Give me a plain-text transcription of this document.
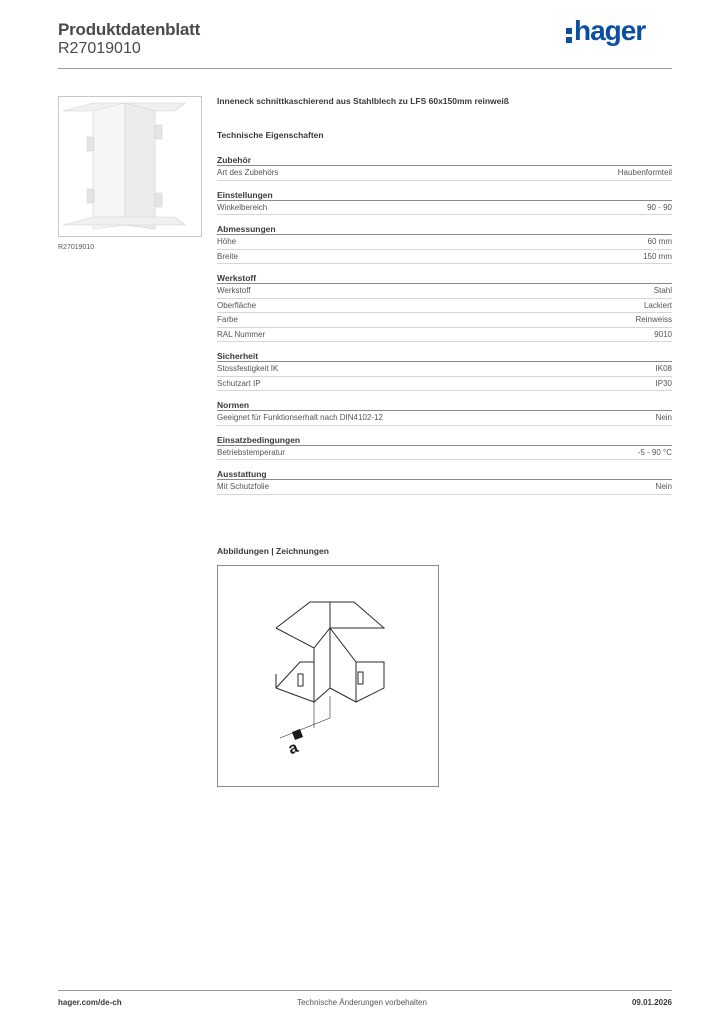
Produktdatenblatt
R27019010
hager
R27019010
Inneneck schnittkaschierend aus Stahlblech zu LFS 60x150mm reinweiß
Technische Eigenschaften
Zubehör
Art des Zubehörs	Haubenformteil
Einstellungen
Winkelbereich	90 - 90
Abmessungen
Höhe	60 mm
Breite	150 mm
Werkstoff
Werkstoff	Stahl
Oberfläche	Lackiert
Farbe	Reinweiss
RAL Nummer	9010
Sicherheit
Stossfestigkeit IK	IK08
Schutzart IP	IP30
Normen
Geeignet für Funktionserhalt nach DIN4102-12	Nein
Einsatzbedingungen
Betriebstemperatur	-5 - 90 °C
Ausstattung
Mit Schutzfolie	Nein
Abbildungen | Zeichnungen
a
hager.com/de-ch	Technische Änderungen vorbehalten	09.01.2026
